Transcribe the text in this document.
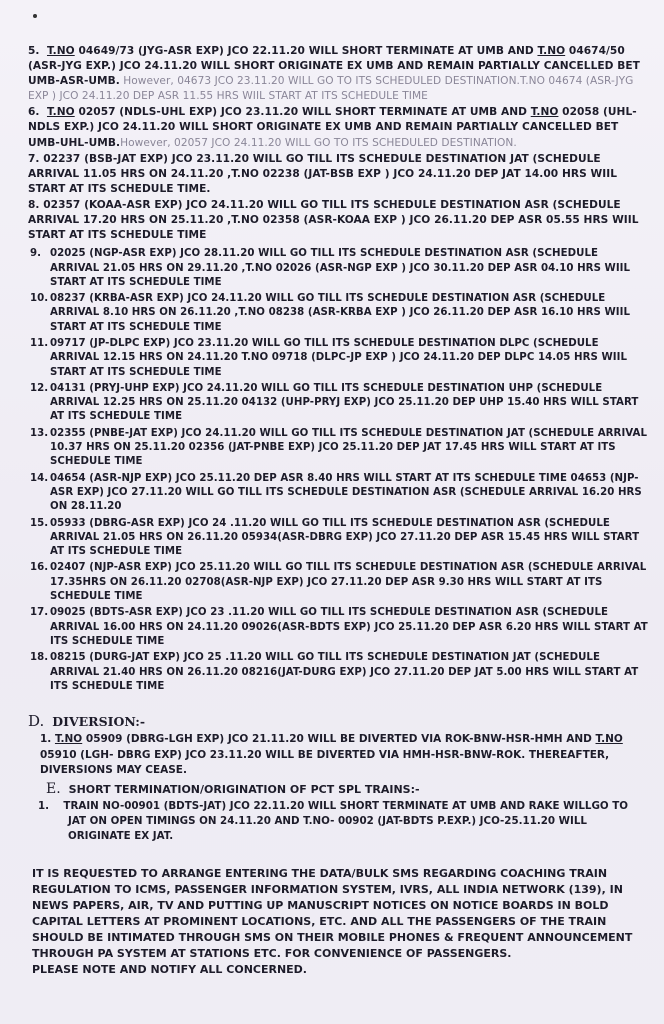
5. T.NO 04649/73 (JYG-ASR EXP) JCO 22.11.20 WILL SHORT TERMINATE AT UMB AND T.NO 04674/50 (ASR-JYG EXP.) JCO 24.11.20 WILL SHORT ORIGINATE EX UMB AND REMAIN PARTIALLY CANCELLED BET UMB-ASR-UMB. However, 04673 JCO 23.11.20 WILL GO TO ITS SCHEDULED DESTINATION.T.NO 04674 (ASR-JYG EXP ) JCO 24.11.20 DEP ASR 11.55 HRS WIIL START AT ITS SCHEDULE TIME
6. T.NO 02057 (NDLS-UHL EXP) JCO 23.11.20 WILL SHORT TERMINATE AT UMB AND T.NO 02058 (UHL-NDLS EXP.) JCO 24.11.20 WILL SHORT ORIGINATE EX UMB AND REMAIN PARTIALLY CANCELLED BET UMB-UHL-UMB.However, 02057 JCO 24.11.20 WILL GO TO ITS SCHEDULED DESTINATION.
7. 02237 (BSB-JAT EXP) JCO 23.11.20 WILL GO TILL ITS SCHEDULE DESTINATION JAT (SCHEDULE ARRIVAL 11.05 HRS ON 24.11.20 ,T.NO 02238 (JAT-BSB EXP ) JCO 24.11.20 DEP JAT 14.00 HRS WIIL START AT ITS SCHEDULE TIME.
8. 02357 (KOAA-ASR EXP) JCO 24.11.20 WILL GO TILL ITS SCHEDULE DESTINATION ASR (SCHEDULE ARRIVAL 17.20 HRS ON 25.11.20 ,T.NO 02358 (ASR-KOAA EXP ) JCO 26.11.20 DEP ASR 05.55 HRS WIIL START AT ITS SCHEDULE TIME
9. 02025 (NGP-ASR EXP) JCO 28.11.20 WILL GO TILL ITS SCHEDULE DESTINATION ASR (SCHEDULE ARRIVAL 21.05 HRS ON 29.11.20 ,T.NO 02026 (ASR-NGP EXP ) JCO 30.11.20 DEP ASR 04.10 HRS WIIL START AT ITS SCHEDULE TIME
10. 08237 (KRBA-ASR EXP) JCO 24.11.20 WILL GO TILL ITS SCHEDULE DESTINATION ASR (SCHEDULE ARRIVAL 8.10 HRS ON 26.11.20 ,T.NO 08238 (ASR-KRBA EXP ) JCO 26.11.20 DEP ASR 16.10 HRS WIIL START AT ITS SCHEDULE TIME
11. 09717 (JP-DLPC EXP) JCO 23.11.20 WILL GO TILL ITS SCHEDULE DESTINATION DLPC (SCHEDULE ARRIVAL 12.15 HRS ON 24.11.20 T.NO 09718 (DLPC-JP EXP ) JCO 24.11.20 DEP DLPC 14.05 HRS WIIL START AT ITS SCHEDULE TIME
12. 04131 (PRYJ-UHP EXP) JCO 24.11.20 WILL GO TILL ITS SCHEDULE DESTINATION UHP (SCHEDULE ARRIVAL 12.25 HRS ON 25.11.20 04132 (UHP-PRYJ EXP) JCO 25.11.20 DEP UHP 15.40 HRS WILL START AT ITS SCHEDULE TIME
13. 02355 (PNBE-JAT EXP) JCO 24.11.20 WILL GO TILL ITS SCHEDULE DESTINATION JAT (SCHEDULE ARRIVAL 10.37 HRS ON 25.11.20 02356 (JAT-PNBE EXP) JCO 25.11.20 DEP JAT 17.45 HRS WILL START AT ITS SCHEDULE TIME
14. 04654 (ASR-NJP EXP) JCO 25.11.20 DEP ASR 8.40 HRS WILL START AT ITS SCHEDULE TIME 04653 (NJP-ASR EXP) JCO 27.11.20 WILL GO TILL ITS SCHEDULE DESTINATION ASR (SCHEDULE ARRIVAL 16.20 HRS ON 28.11.20
15. 05933 (DBRG-ASR EXP) JCO 24 .11.20 WILL GO TILL ITS SCHEDULE DESTINATION ASR (SCHEDULE ARRIVAL 21.05 HRS ON 26.11.20 05934(ASR-DBRG EXP) JCO 27.11.20 DEP ASR 15.45 HRS WILL START AT ITS SCHEDULE TIME
16. 02407 (NJP-ASR EXP) JCO 25.11.20 WILL GO TILL ITS SCHEDULE DESTINATION ASR (SCHEDULE ARRIVAL 17.35HRS ON 26.11.20 02708(ASR-NJP EXP) JCO 27.11.20 DEP ASR 9.30 HRS WILL START AT ITS SCHEDULE TIME
17. 09025 (BDTS-ASR EXP) JCO 23 .11.20 WILL GO TILL ITS SCHEDULE DESTINATION ASR (SCHEDULE ARRIVAL 16.00 HRS ON 24.11.20 09026(ASR-BDTS EXP) JCO 25.11.20 DEP ASR 6.20 HRS WILL START AT ITS SCHEDULE TIME
18. 08215 (DURG-JAT EXP) JCO 25 .11.20 WILL GO TILL ITS SCHEDULE DESTINATION JAT (SCHEDULE ARRIVAL 21.40 HRS ON 26.11.20 08216(JAT-DURG EXP) JCO 27.11.20 DEP JAT 5.00 HRS WILL START AT ITS SCHEDULE TIME
D. DIVERSION:-
1. T.NO 05909 (DBRG-LGH EXP) JCO 21.11.20 WILL BE DIVERTED VIA ROK-BNW-HSR-HMH AND T.NO 05910 (LGH- DBRG EXP) JCO 23.11.20 WILL BE DIVERTED VIA HMH-HSR-BNW-ROK. THEREAFTER, DIVERSIONS MAY CEASE.
E. SHORT TERMINATION/ORIGINATION OF PCT SPL TRAINS:-
1. TRAIN NO-00901 (BDTS-JAT) JCO 22.11.20 WILL SHORT TERMINATE AT UMB AND RAKE WILLGO TO JAT ON OPEN TIMINGS ON 24.11.20 AND T.NO- 00902 (JAT-BDTS P.EXP.) JCO-25.11.20 WILL ORIGINATE EX JAT.
IT IS REQUESTED TO ARRANGE ENTERING THE DATA/BULK SMS REGARDING COACHING TRAIN REGULATION TO ICMS, PASSENGER INFORMATION SYSTEM, IVRS, ALL INDIA NETWORK (139), IN NEWS PAPERS, AIR, TV AND PUTTING UP MANUSCRIPT NOTICES ON NOTICE BOARDS IN BOLD CAPITAL LETTERS AT PROMINENT LOCATIONS, ETC. AND ALL THE PASSENGERS OF THE TRAIN SHOULD BE INTIMATED THROUGH SMS ON THEIR MOBILE PHONES & FREQUENT ANNOUNCEMENT THROUGH PA SYSTEM AT STATIONS ETC. FOR CONVENIENCE OF PASSENGERS.
PLEASE NOTE AND NOTIFY ALL CONCERNED.
